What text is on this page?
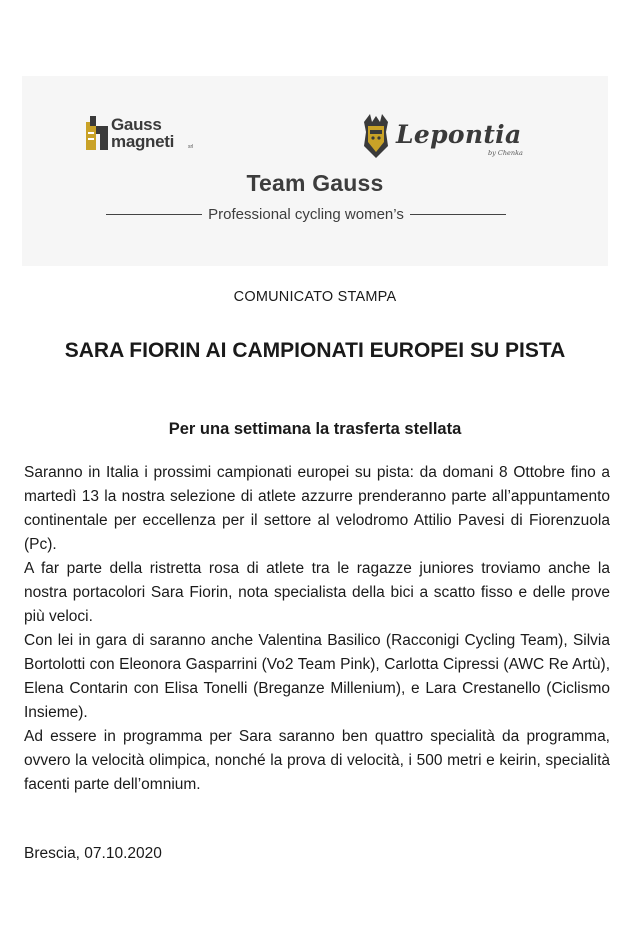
Gauss
magneti	srl	Lepontia
by Chenka
Team Gauss
Professional cycling women’s
COMUNICATO STAMPA
SARA FIORIN AI CAMPIONATI EUROPEI SU PISTA
Per una settimana la trasferta stellata

Saranno in Italia i prossimi campionati europei su pista: da domani 8 Ottobre fino a martedì 13 la nostra selezione di atlete azzurre prenderanno parte all’appuntamento continentale per eccellenza per il settore al velodromo Attilio Pavesi di Fiorenzuola (Pc).

A far parte della ristretta rosa di atlete tra le ragazze juniores troviamo anche la nostra portacolori Sara Fiorin, nota specialista della bici a scatto fisso e delle prove più veloci.

Con lei in gara di saranno anche Valentina Basilico (Racconigi Cycling Team), Silvia Bortolotti con Eleonora Gasparrini (Vo2 Team Pink), Carlotta Cipressi (AWC Re Artù), Elena Contarin con Elisa Tonelli (Breganze Millenium), e Lara Crestanello (Ciclismo Insieme).

Ad essere in programma per Sara saranno ben quattro specialità da programma, ovvero la velocità olimpica, nonché la prova di velocità, i 500 metri e keirin, specialità facenti parte dell’omnium.

Brescia, 07.10.2020
